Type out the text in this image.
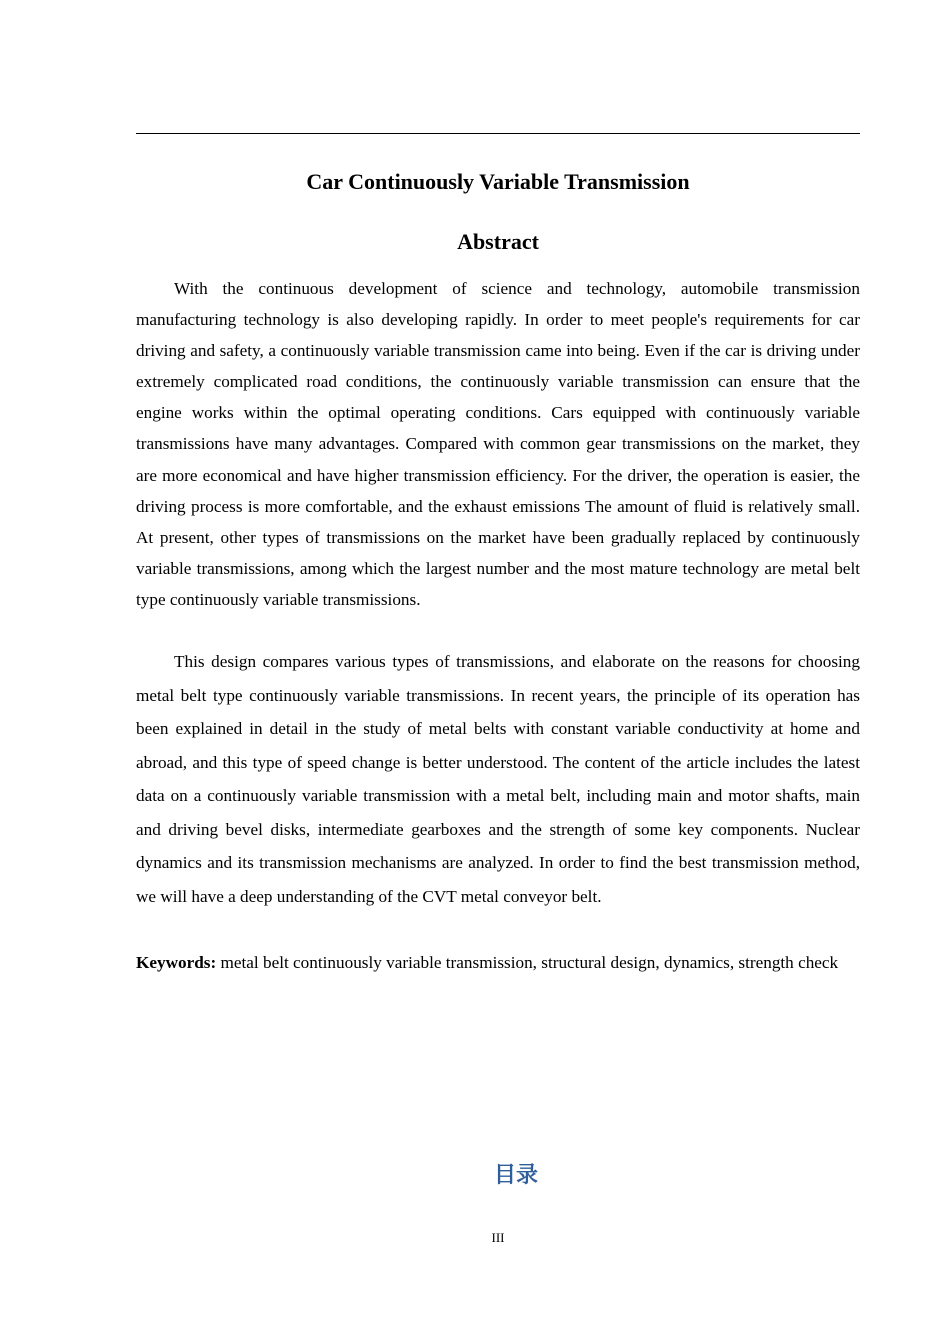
Car Continuously Variable Transmission
Abstract

With the continuous development of science and technology, automobile transmission manufacturing technology is also developing rapidly. In order to meet people's requirements for car driving and safety, a continuously variable transmission came into being. Even if the car is driving under extremely complicated road conditions, the continuously variable transmission can ensure that the engine works within the optimal operating conditions. Cars equipped with continuously variable transmissions have many advantages. Compared with common gear transmissions on the market, they are more economical and have higher transmission efficiency. For the driver, the operation is easier, the driving process is more comfortable, and the exhaust emissions The amount of fluid is relatively small. At present, other types of transmissions on the market have been gradually replaced by continuously variable transmissions, among which the largest number and the most mature technology are metal belt type continuously variable transmissions.

This design compares various types of transmissions, and elaborate on the reasons for choosing metal belt type continuously variable transmissions. In recent years, the principle of its operation has been explained in detail in the study of metal belts with constant variable conductivity at home and abroad, and this type of speed change is better understood. The content of the article includes the latest data on a continuously variable transmission with a metal belt, including main and motor shafts, main and driving bevel disks, intermediate gearboxes and the strength of some key components. Nuclear dynamics and its transmission mechanisms are analyzed. In order to find the best transmission method, we will have a deep understanding of the CVT metal conveyor belt.

Keywords: metal belt continuously variable transmission, structural design, dynamics, strength check

目录
III
